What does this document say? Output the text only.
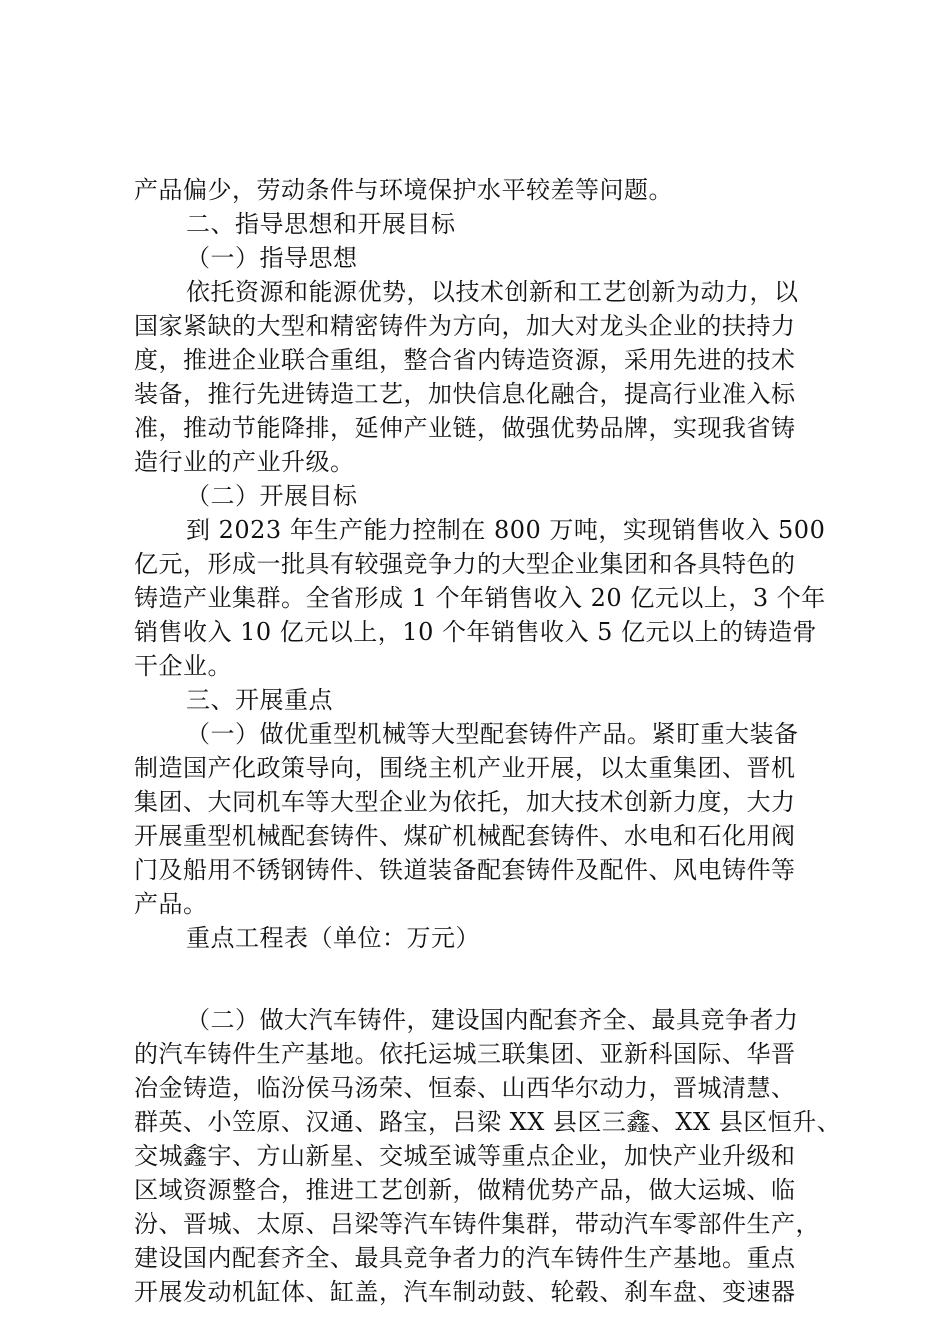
产品偏少，劳动条件与环境保护水平较差等问题。
二、指导思想和开展目标
（一）指导思想
依托资源和能源优势，以技术创新和工艺创新为动力，以
国家紧缺的大型和精密铸件为方向，加大对龙头企业的扶持力
度，推进企业联合重组，整合省内铸造资源，采用先进的技术
装备，推行先进铸造工艺，加快信息化融合，提高行业准入标
准，推动节能降排，延伸产业链，做强优势品牌，实现我省铸
造行业的产业升级。
（二）开展目标
到 2023 年生产能力控制在 800 万吨，实现销售收入 500
亿元，形成一批具有较强竞争力的大型企业集团和各具特色的
铸造产业集群。全省形成 1 个年销售收入 20 亿元以上，3 个年
销售收入 10 亿元以上，10 个年销售收入 5 亿元以上的铸造骨
干企业。
三、开展重点
（一）做优重型机械等大型配套铸件产品。紧盯重大装备
制造国产化政策导向，围绕主机产业开展，以太重集团、晋机
集团、大同机车等大型企业为依托，加大技术创新力度，大力
开展重型机械配套铸件、煤矿机械配套铸件、水电和石化用阀
门及船用不锈钢铸件、铁道装备配套铸件及配件、风电铸件等
产品。
重点工程表（单位：万元）
（二）做大汽车铸件，建设国内配套齐全、最具竞争者力
的汽车铸件生产基地。依托运城三联集团、亚新科国际、华晋
冶金铸造，临汾侯马汤荣、恒泰、山西华尔动力，晋城清慧、
群英、小笠原、汉通、路宝，吕梁 XX 县区三鑫、XX 县区恒升、
交城鑫宇、方山新星、交城至诚等重点企业，加快产业升级和
区域资源整合，推进工艺创新，做精优势产品，做大运城、临
汾、晋城、太原、吕梁等汽车铸件集群，带动汽车零部件生产，
建设国内配套齐全、最具竞争者力的汽车铸件生产基地。重点
开展发动机缸体、缸盖，汽车制动鼓、轮毂、刹车盘、变速器
